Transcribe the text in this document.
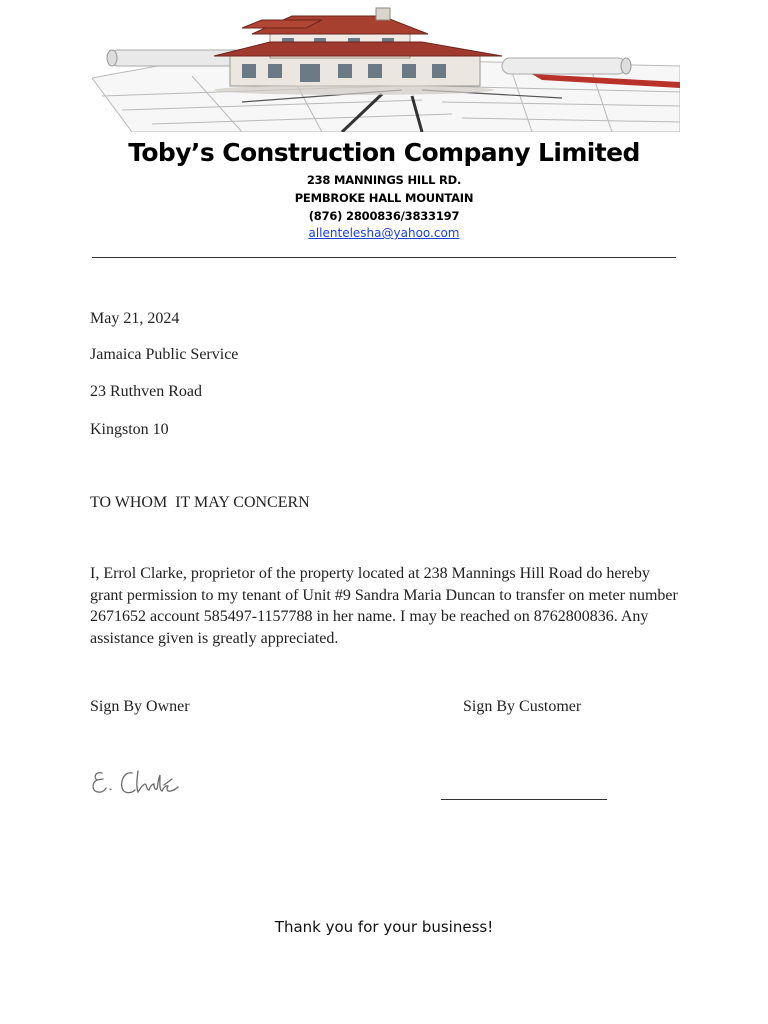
Toby’s Construction Company Limited
238 MANNINGS HILL RD.
PEMBROKE HALL MOUNTAIN
(876) 2800836/3833197
allentelesha@yahoo.com
May 21, 2024
Jamaica Public Service
23 Ruthven Road
Kingston 10
TO WHOM  IT MAY CONCERN
I, Errol Clarke, proprietor of the property located at 238 Mannings Hill Road do hereby grant permission to my tenant of Unit #9 Sandra Maria Duncan to transfer on meter number 2671652 account 585497-1157788 in her name. I may be reached on 8762800836. Any assistance given is greatly appreciated.
Sign By Owner	Sign By Customer
Thank you for your business!
